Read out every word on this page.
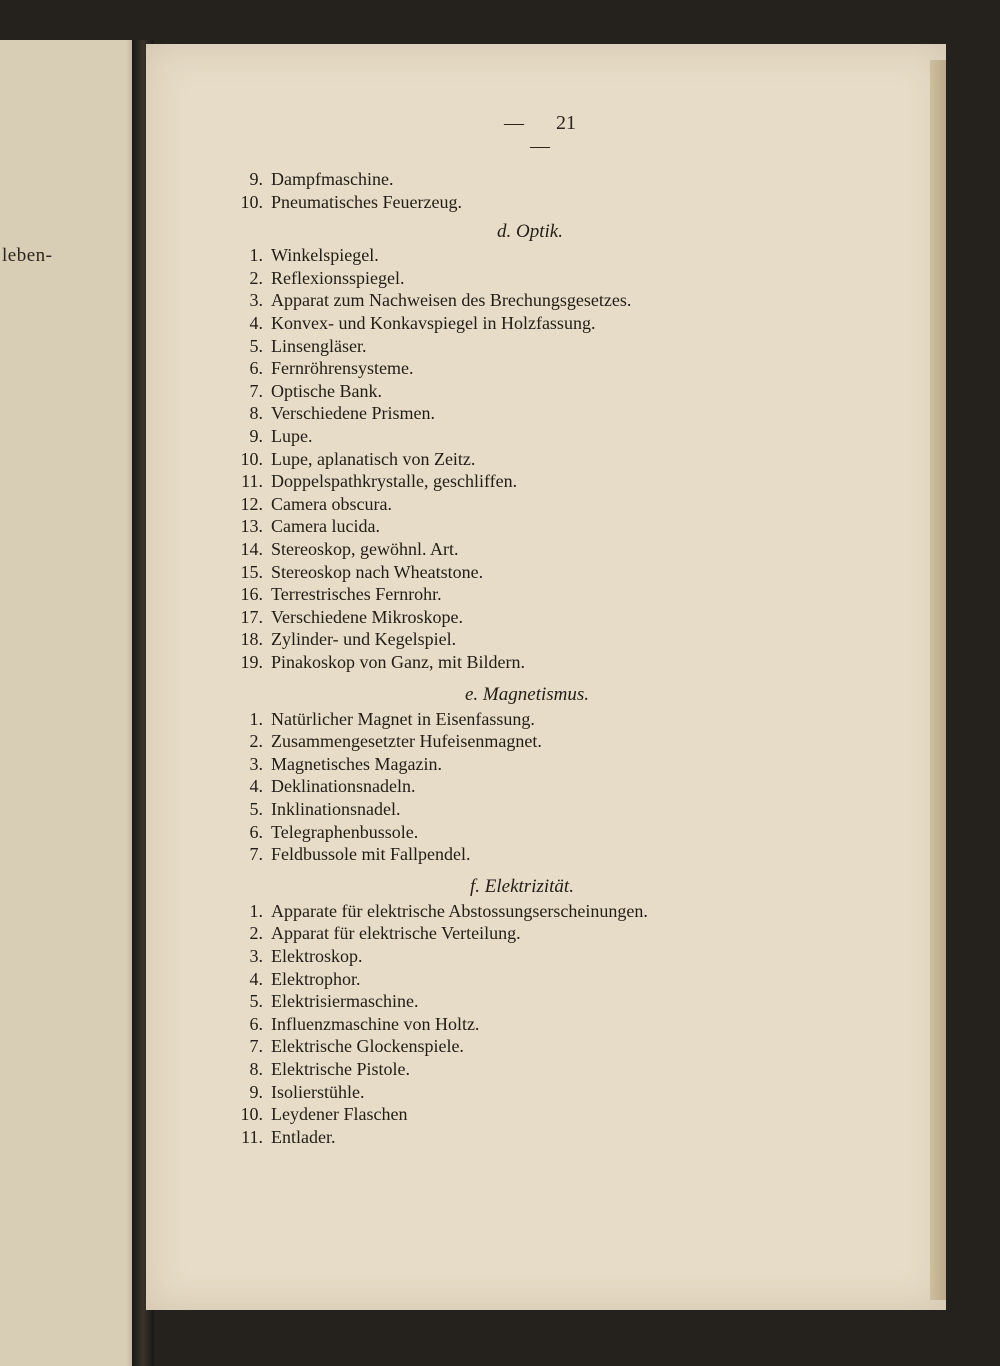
leben-
— 21—
9. Dampfmaschine.
10. Pneumatisches Feuerzeug.
d. Optik.
1. Winkelspiegel.
2. Reflexionsspiegel.
3. Apparat zum Nachweisen des Brechungsgesetzes.
4. Konvex- und Konkavspiegel in Holzfassung.
5. Linsengläser.
6. Fernröhrensysteme.
7. Optische Bank.
8. Verschiedene Prismen.
9. Lupe.
10. Lupe, aplanatisch von Zeitz.
11. Doppelspathkrystalle, geschliffen.
12. Camera obscura.
13. Camera lucida.
14. Stereoskop, gewöhnl. Art.
15. Stereoskop nach Wheatstone.
16. Terrestrisches Fernrohr.
17. Verschiedene Mikroskope.
18. Zylinder- und Kegelspiel.
19. Pinakoskop von Ganz, mit Bildern.
e. Magnetismus.
1. Natürlicher Magnet in Eisenfassung.
2. Zusammengesetzter Hufeisenmagnet.
3. Magnetisches Magazin.
4. Deklinationsnadeln.
5. Inklinationsnadel.
6. Telegraphenbussole.
7. Feldbussole mit Fallpendel.
f. Elektrizität.
1. Apparate für elektrische Abstossungserscheinungen.
2. Apparat für elektrische Verteilung.
3. Elektroskop.
4. Elektrophor.
5. Elektrisiermaschine.
6. Influenzmaschine von Holtz.
7. Elektrische Glockenspiele.
8. Elektrische Pistole.
9. Isolierstühle.
10. Leydener Flaschen
11. Entlader.
